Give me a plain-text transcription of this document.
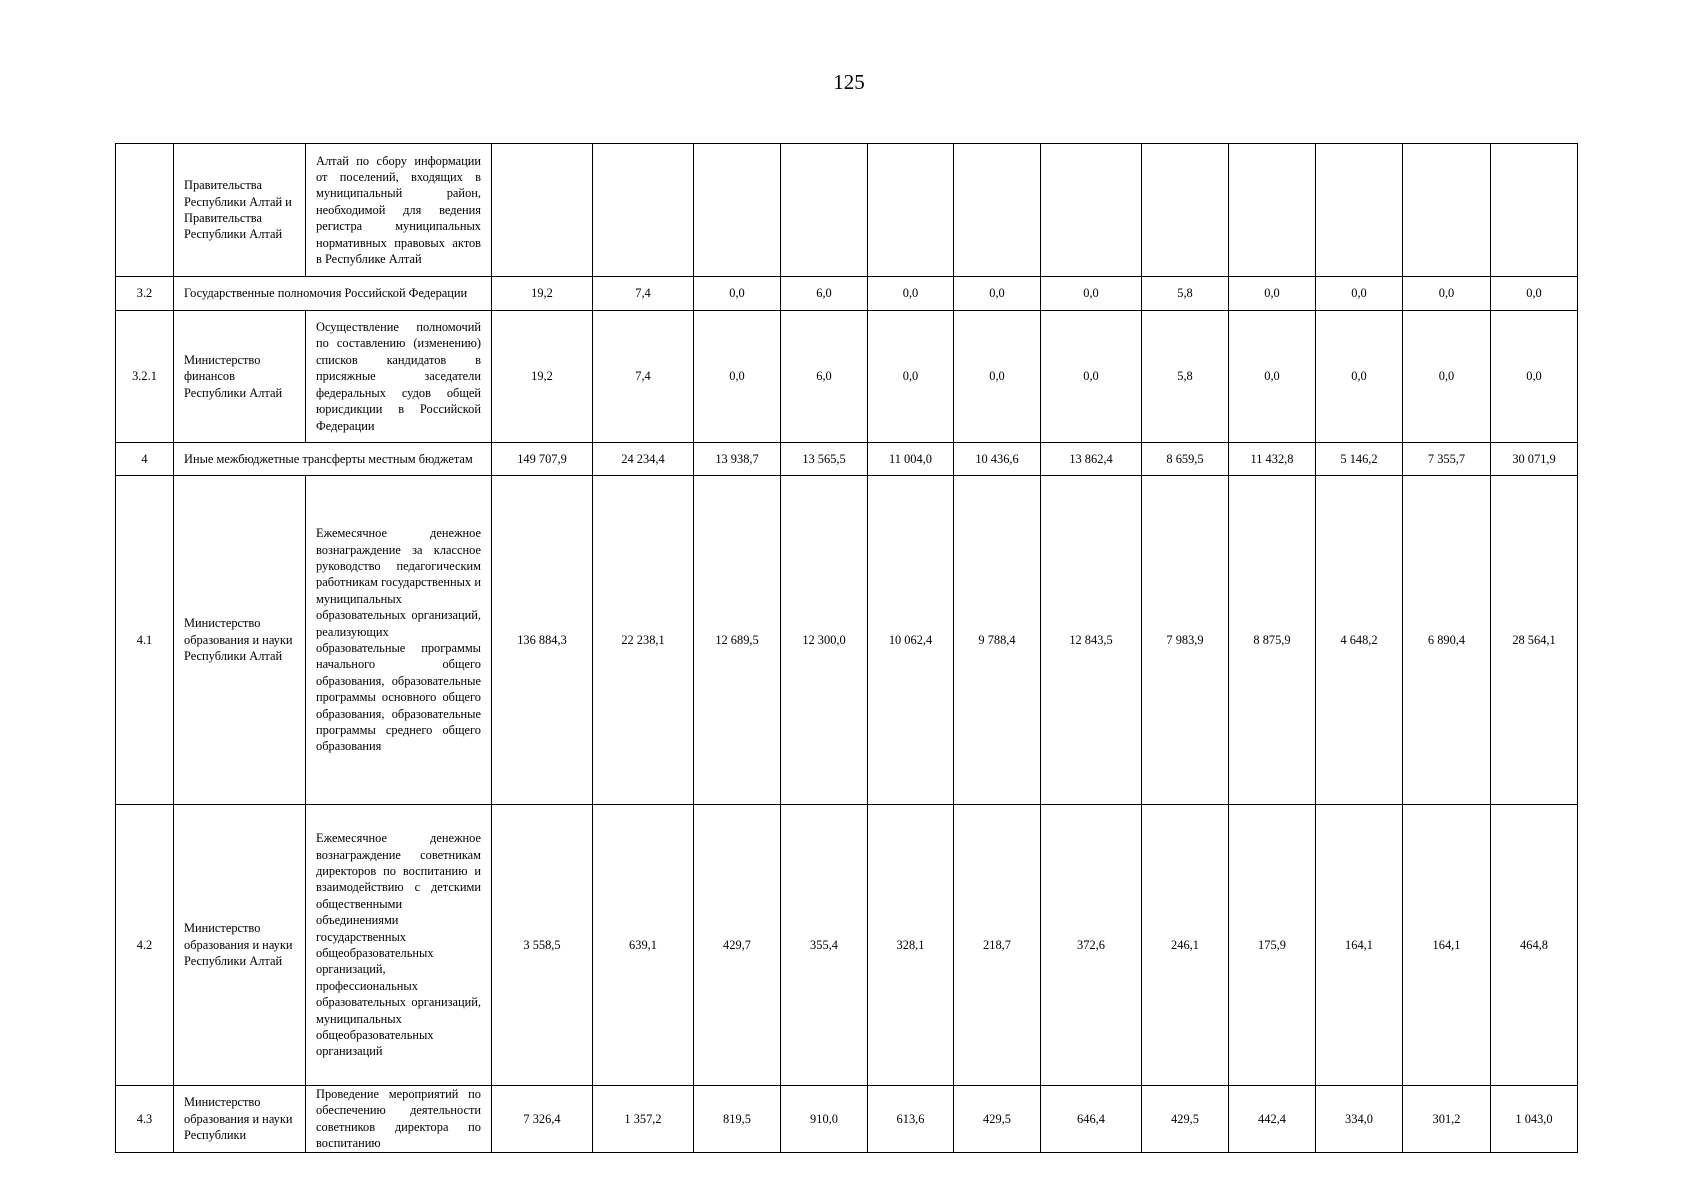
125
	Правительства Республики Алтай и Правительства Республики Алтай	Алтай по сбору информации от поселений, входящих в муниципальный район, необходимой для ведения регистра муниципальных нормативных правовых актов в Республике Алтай												
3.2	Государственные полномочия Российской Федерации		19,2	7,4	0,0	6,0	0,0	0,0	0,0	5,8	0,0	0,0	0,0	0,0
3.2.1	Министерство финансов Республики Алтай	Осуществление полномочий по составлению (изменению) списков кандидатов в присяжные заседатели федеральных судов общей юрисдикции в Российской Федерации	19,2	7,4	0,0	6,0	0,0	0,0	0,0	5,8	0,0	0,0	0,0	0,0
4	Иные межбюджетные трансферты местным бюджетам		149 707,9	24 234,4	13 938,7	13 565,5	11 004,0	10 436,6	13 862,4	8 659,5	11 432,8	5 146,2	7 355,7	30 071,9
4.1	Министерство образования и науки Республики Алтай	Ежемесячное денежное вознаграждение за классное руководство педагогическим работникам государственных и муниципальных образовательных организаций, реализующих образовательные программы начального общего образования, образовательные программы основного общего образования, образовательные программы среднего общего образования	136 884,3	22 238,1	12 689,5	12 300,0	10 062,4	9 788,4	12 843,5	7 983,9	8 875,9	4 648,2	6 890,4	28 564,1
4.2	Министерство образования и науки Республики Алтай	Ежемесячное денежное вознаграждение советникам директоров по воспитанию и взаимодействию с детскими общественными объединениями государственных общеобразовательных организаций, профессиональных образовательных организаций, муниципальных общеобразовательных организаций	3 558,5	639,1	429,7	355,4	328,1	218,7	372,6	246,1	175,9	164,1	164,1	464,8
4.3	Министерство образования и науки Республики	Проведение мероприятий по обеспечению деятельности советников директора по воспитанию	7 326,4	1 357,2	819,5	910,0	613,6	429,5	646,4	429,5	442,4	334,0	301,2	1 043,0
